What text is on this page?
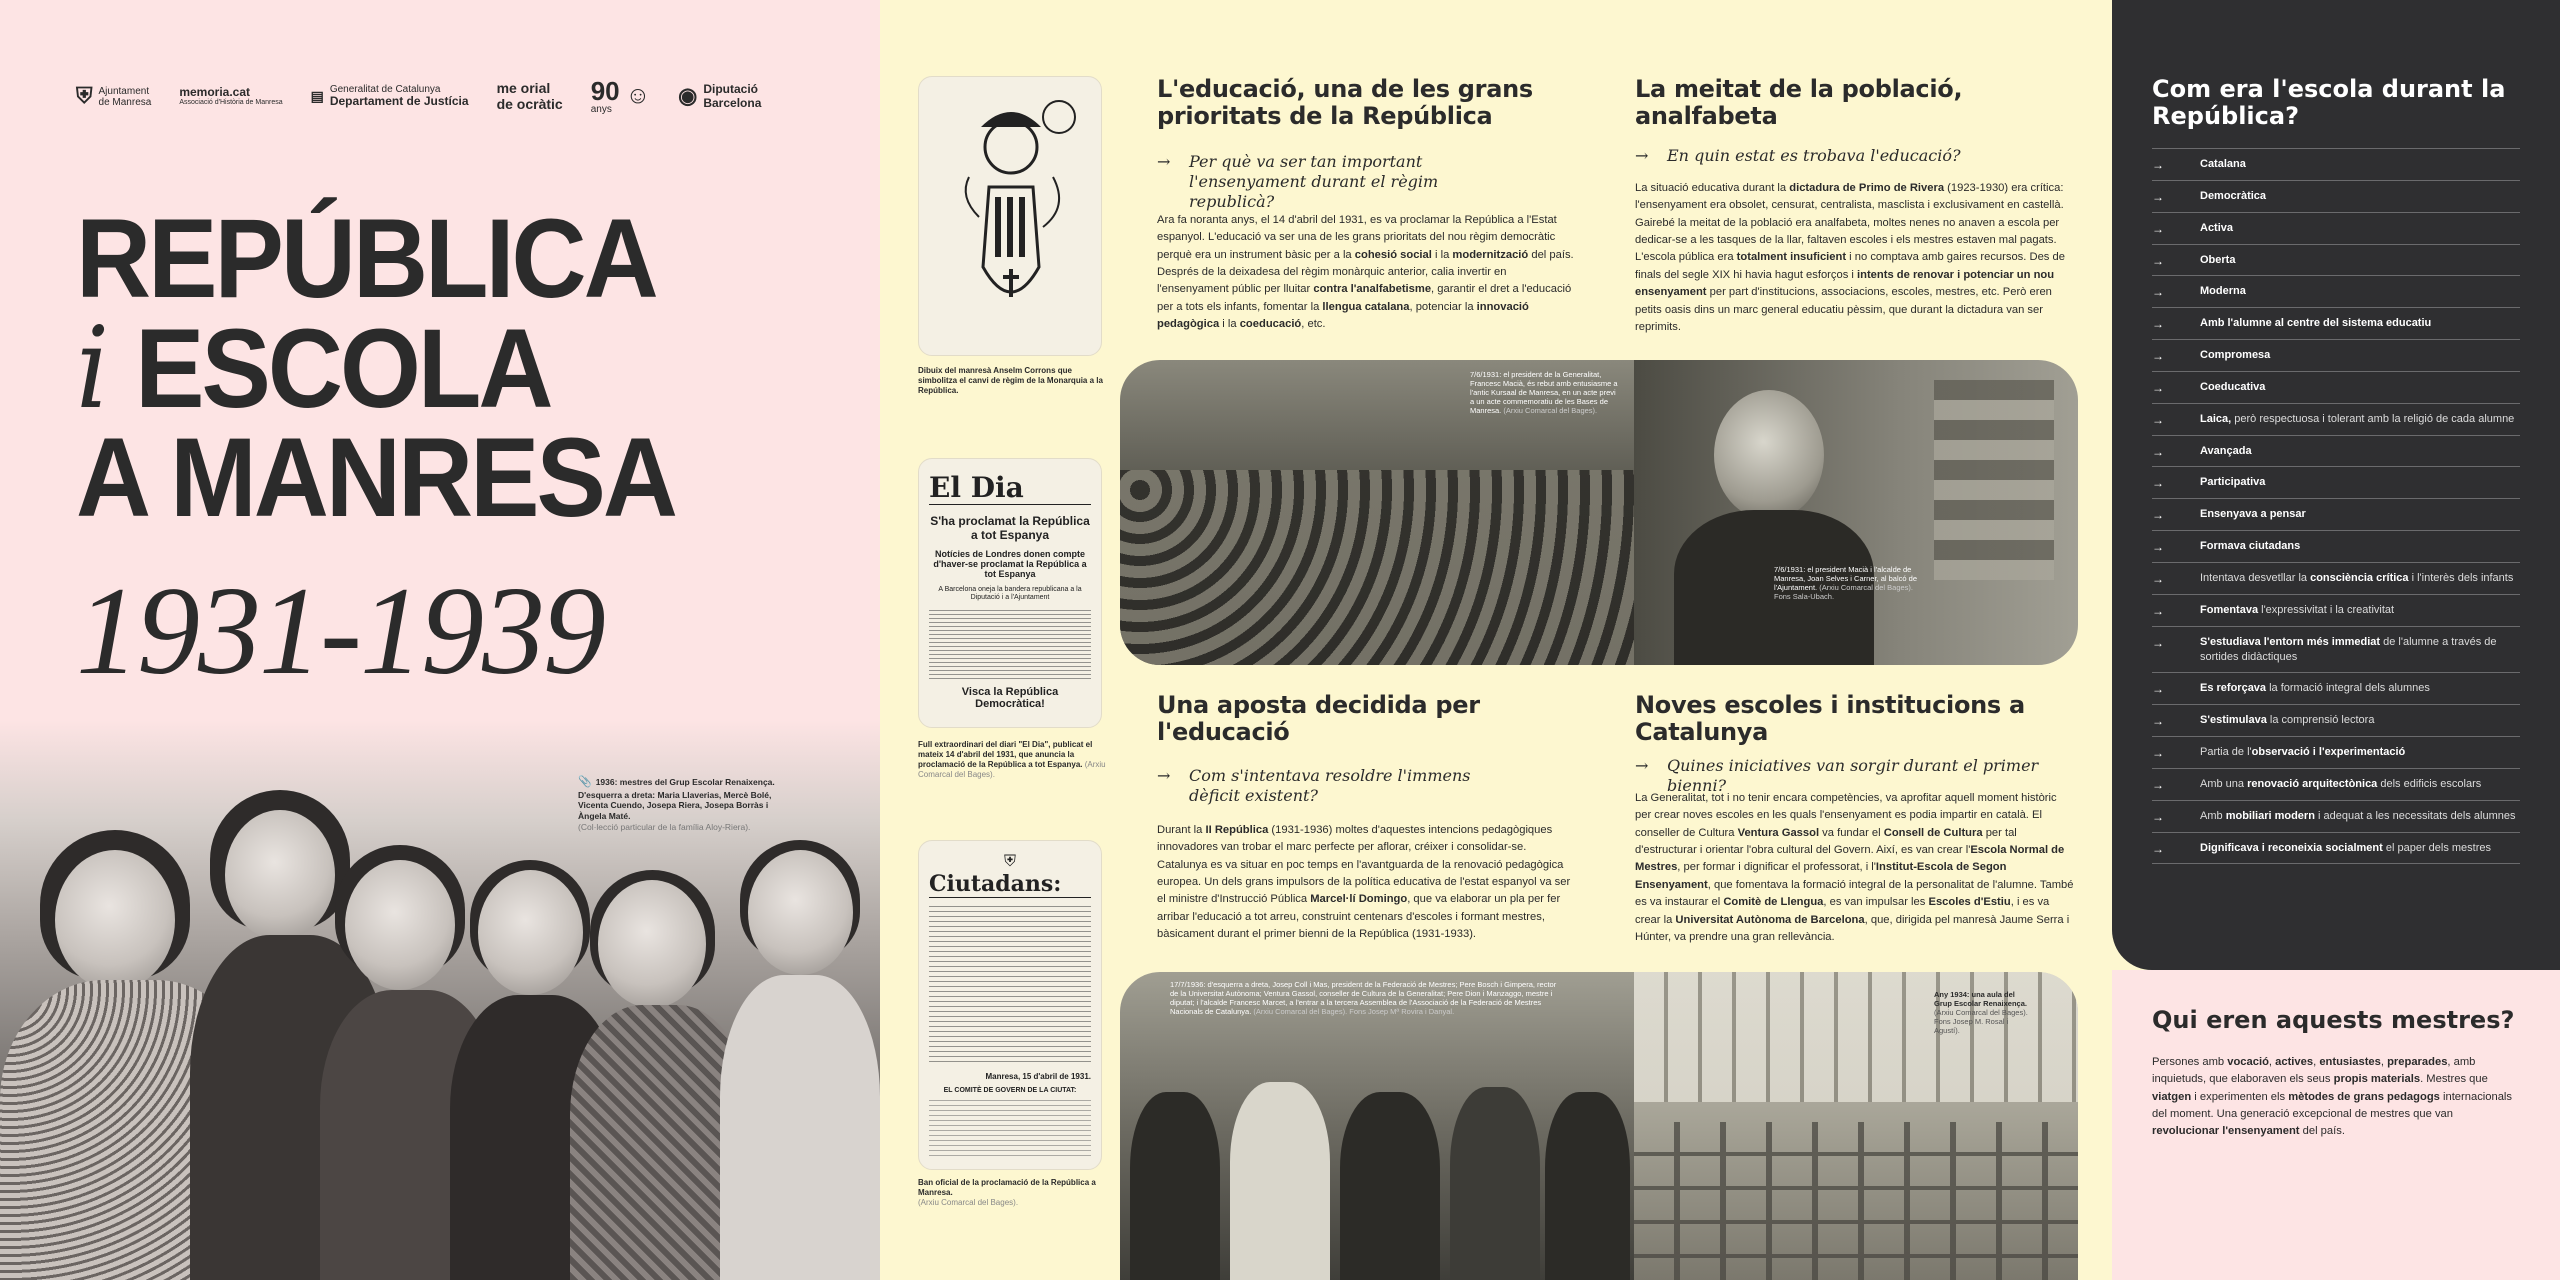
⛨ Ajuntament
de Manresa
memoria.cat
Associació d'Història de Manresa ▤ Generalitat de Catalunya
Departament de Justícia
me orial
de ocràtic 90
anys
☺ ◉ Diputació
Barcelona
REPÚBLICA
i ESCOLA
A MANRESA
1931-1939
📎 1936: mestres del Grup Escolar Renaixença. D'esquerra a dreta: Maria Llaverias, Mercè Bolé, Vicenta Cuendo, Josepa Riera, Josepa Borràs i Àngela Maté.
(Col·lecció particular de la família Aloy-Riera).
Dibuix del manresà Anselm Corrons que simbolitza el canvi de règim de la Monarquia a la República.
El Dia
S'ha proclamat la República a tot Espanya
Notícies de Londres donen compte d'haver-se proclamat la República a tot Espanya
A Barcelona oneja la bandera republicana a la Diputació i a l'Ajuntament
Visca la República Democràtica!
Full extraordinari del diari "El Dia", publicat el mateix 14 d'abril del 1931, que anuncia la proclamació de la República a tot Espanya. (Arxiu Comarcal del Bages).
⛨
Ciutadans:
Manresa, 15 d'abril de 1931.
EL COMITÈ DE GOVERN DE LA CIUTAT:
Ban oficial de la proclamació de la República a Manresa.
(Arxiu Comarcal del Bages).
L'educació, una de les grans prioritats de la República
→ Per què va ser tan important l'ensenyament durant el règim republicà?
Ara fa noranta anys, el 14 d'abril del 1931, es va proclamar la República a l'Estat espanyol. L'educació va ser una de les grans prioritats del nou règim democràtic perquè era un instrument bàsic per a la cohesió social i la modernització del país. Després de la deixadesa del règim monàrquic anterior, calia invertir en l'ensenyament públic per lluitar contra l'analfabetisme, garantir el dret a l'educació per a tots els infants, fomentar la llengua catalana, potenciar la innovació pedagògica i la coeducació, etc.
La meitat de la població, analfabeta
→ En quin estat es trobava l'educació?
La situació educativa durant la dictadura de Primo de Rivera (1923-1930) era crítica: l'ensenyament era obsolet, censurat, centralista, masclista i exclusivament en castellà. Gairebé la meitat de la població era analfabeta, moltes nenes no anaven a escola per dedicar-se a les tasques de la llar, faltaven escoles i els mestres estaven mal pagats. L'escola pública era totalment insuficient i no comptava amb gaires recursos. Des de finals del segle XIX hi havia hagut esforços i intents de renovar i potenciar un nou ensenyament per part d'institucions, associacions, escoles, mestres, etc. Però eren petits oasis dins un marc general educatiu pèssim, que durant la dictadura van ser reprimits.
7/6/1931: el president de la Generalitat, Francesc Macià, és rebut amb entusiasme a l'antic Kursaal de Manresa, en un acte previ a un acte commemoratiu de les Bases de Manresa. (Arxiu Comarcal del Bages).
7/6/1931: el president Macià i l'alcalde de Manresa, Joan Selves i Carner, al balcó de l'Ajuntament. (Arxiu Comarcal del Bages). Fons Sala-Ubach.
Una aposta decidida per l'educació
→ Com s'intentava resoldre l'immens dèficit existent?
Durant la II República (1931-1936) moltes d'aquestes intencions pedagògiques innovadores van trobar el marc perfecte per aflorar, créixer i consolidar-se. Catalunya es va situar en poc temps en l'avantguarda de la renovació pedagògica europea. Un dels grans impulsors de la política educativa de l'estat espanyol va ser el ministre d'Instrucció Pública Marcel·lí Domingo, que va elaborar un pla per fer arribar l'educació a tot arreu, construint centenars d'escoles i formant mestres, bàsicament durant el primer bienni de la República (1931-1933).
Noves escoles i institucions a Catalunya
→ Quines iniciatives van sorgir durant el primer bienni?
La Generalitat, tot i no tenir encara competències, va aprofitar aquell moment històric per crear noves escoles en les quals l'ensenyament es podia impartir en català. El conseller de Cultura Ventura Gassol va fundar el Consell de Cultura per tal d'estructurar i orientar l'obra cultural del Govern. Així, es van crear l'Escola Normal de Mestres, per formar i dignificar el professorat, i l'Institut-Escola de Segon Ensenyament, que fomentava la formació integral de la personalitat de l'alumne. També es va instaurar el Comitè de Llengua, es van impulsar les Escoles d'Estiu, i es va crear la Universitat Autònoma de Barcelona, que, dirigida pel manresà Jaume Serra i Húnter, va prendre una gran rellevància.
17/7/1936: d'esquerra a dreta, Josep Coll i Mas, president de la Federació de Mestres; Pere Bosch i Gimpera, rector de la Universitat Autònoma; Ventura Gassol, conseller de Cultura de la Generalitat; Pere Dion i Manzaggo, mestre i diputat; i l'alcalde Francesc Marcet, a l'entrar a la tercera Assemblea de l'Associació de la Federació de Mestres Nacionals de Catalunya. (Arxiu Comarcal del Bages). Fons Josep Mª Rovira i Danyal.
Any 1934: una aula del Grup Escolar Renaixença. (Arxiu Comarcal del Bages). Fons Josep M. Rosal i Agustí).
Com era l'escola durant la República?
→	Catalana
→	Democràtica
→	Activa
→	Oberta
→	Moderna
→	Amb l'alumne al centre del sistema educatiu
→	Compromesa
→	Coeducativa
→	Laica, però respectuosa i tolerant amb la religió de cada alumne
→	Avançada
→	Participativa
→	Ensenyava a pensar
→	Formava ciutadans
→	Intentava desvetllar la consciència crítica i l'interès dels infants
→	Fomentava l'expressivitat i la creativitat
→	S'estudiava l'entorn més immediat de l'alumne a través de sortides didàctiques
→	Es reforçava la formació integral dels alumnes
→	S'estimulava la comprensió lectora
→	Partia de l'observació i l'experimentació
→	Amb una renovació arquitectònica dels edificis escolars
→	Amb mobiliari modern i adequat a les necessitats dels alumnes
→	Dignificava i reconeixia socialment el paper dels mestres
Qui eren aquests mestres?
Persones amb vocació, actives, entusiastes, preparades, amb inquietuds, que elaboraven els seus propis materials. Mestres que viatgen i experimenten els mètodes de grans pedagogs internacionals del moment. Una generació excepcional de mestres que van revolucionar l'ensenyament del país.
